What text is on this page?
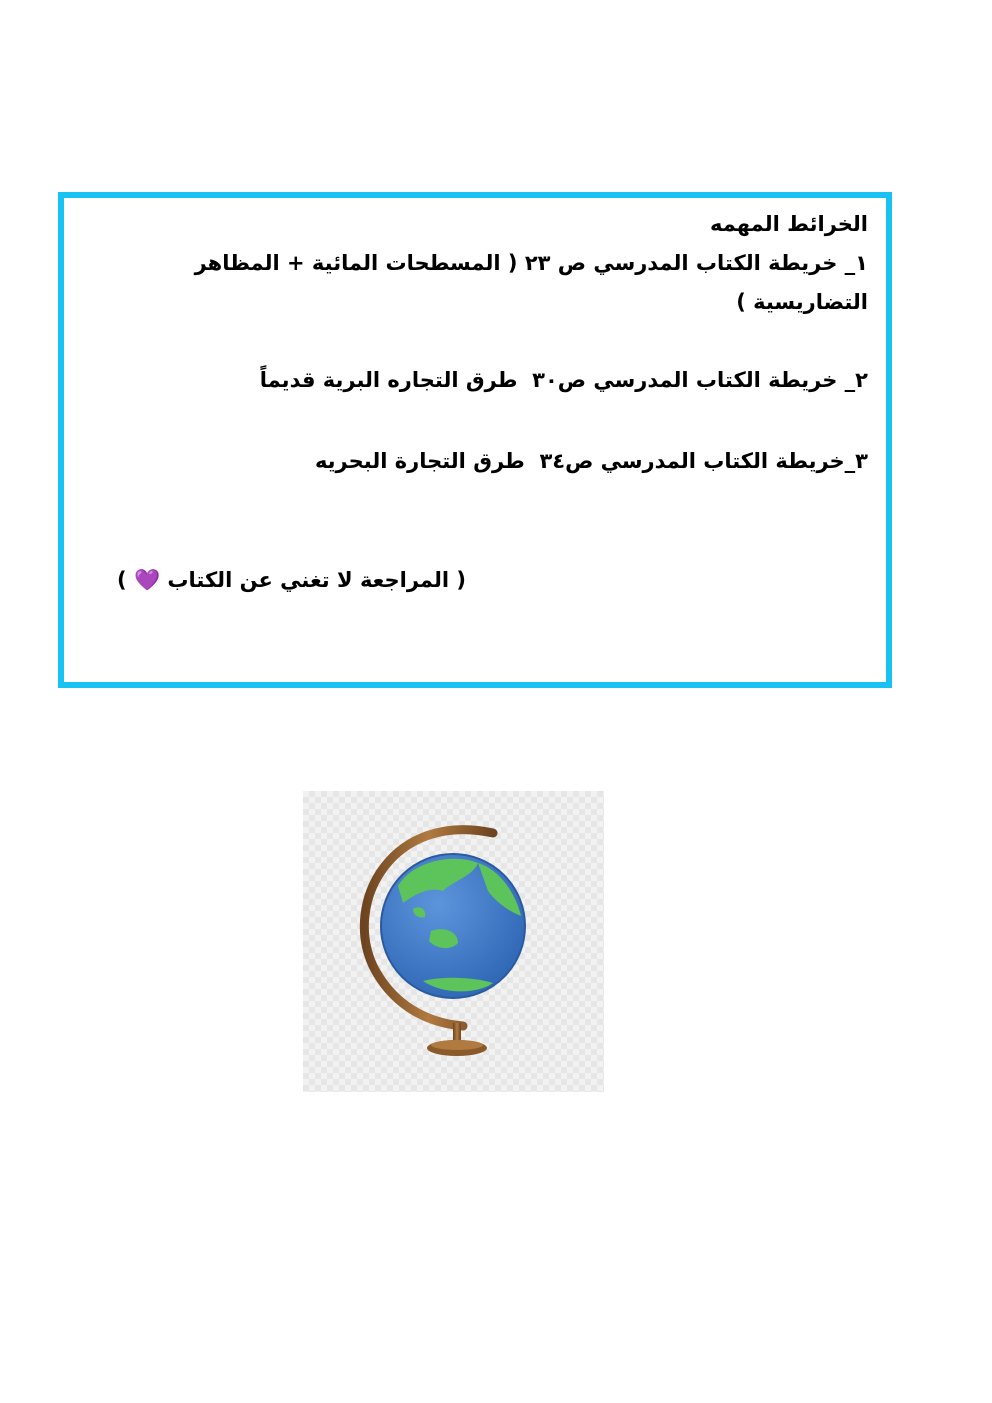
الخرائط المهمه
١_ خريطة الكتاب المدرسي ص ٢٣ ( المسطحات المائية + المظاهر
التضاريسية )
٢_ خريطة الكتاب المدرسي ص٣٠  طرق التجاره البرية قديماً
٣_خريطة الكتاب المدرسي ص٣٤  طرق التجارة البحريه
( المراجعة لا تغني عن الكتاب 💜 )
